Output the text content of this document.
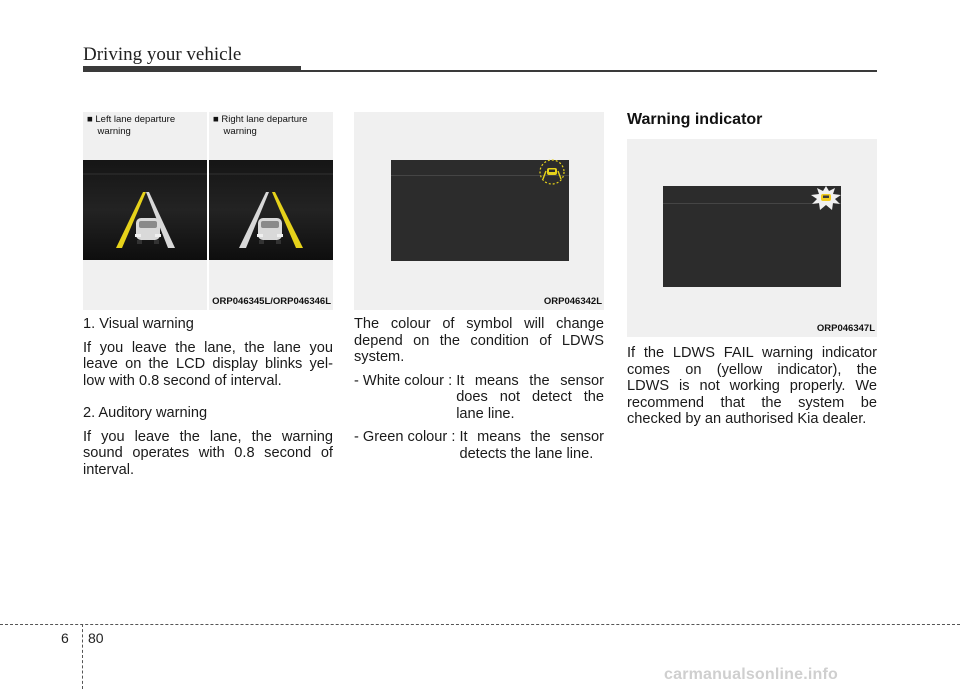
Driving your vehicle
■ Left lane departure
warning
■ Right lane departure
warning
ORP046345L/ORP046346L	ORP046342L
ORP046347L

1. Visual warning

If you leave the lane, the lane you leave on the LCD display blinks yel-low with 0.8 second of interval.

2. Auditory warning

If you leave the lane, the warning sound operates with 0.8 second of interval.

The colour of symbol will change depend on the condition of LDWS system.

- White colour : It means the sensor does not detect the lane line.
- Green colour : It means the sensor detects the lane line.
Warning indicator
If the LDWS FAIL warning indicator comes on (yellow indicator), the LDWS is not working properly. We recommend that the system be checked by an authorised Kia dealer.
6 80
carmanualsonline.info
